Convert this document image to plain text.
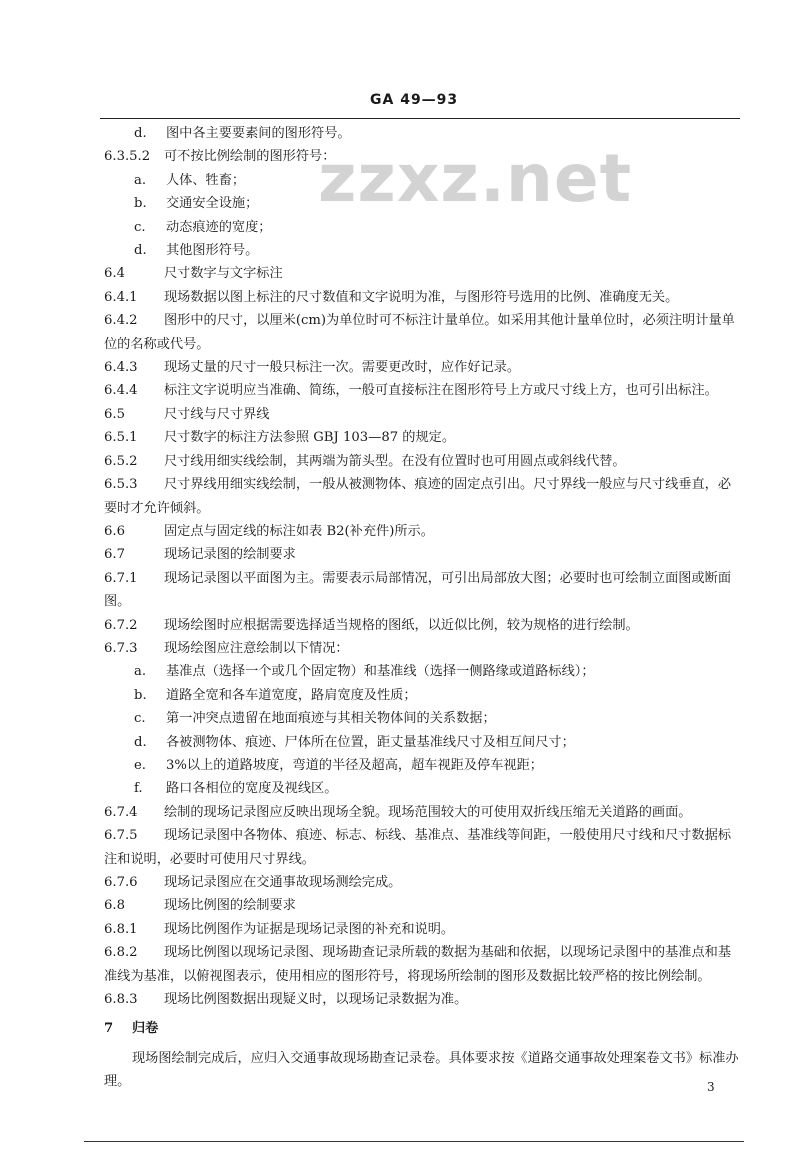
GA 49—93
zzxz.net
d. 图中各主要要素间的图形符号。
6.3.5.2 可不按比例绘制的图形符号：
a. 人体、牲畜；
b. 交通安全设施；
c. 动态痕迹的宽度；
d. 其他图形符号。
6.4	尺寸数字与文字标注
6.4.1 现场数据以图上标注的尺寸数值和文字说明为准，与图形符号选用的比例、准确度无关。
6.4.2 图形中的尺寸，以厘米(cm)为单位时可不标注计量单位。如采用其他计量单位时，必须注明计量单位的名称或代号。
6.4.3 现场丈量的尺寸一般只标注一次。需要更改时，应作好记录。
6.4.4 标注文字说明应当准确、简练，一般可直接标注在图形符号上方或尺寸线上方，也可引出标注。
6.5	尺寸线与尺寸界线
6.5.1 尺寸数字的标注方法参照 GBJ 103—87 的规定。
6.5.2 尺寸线用细实线绘制，其两端为箭头型。在没有位置时也可用圆点或斜线代替。
6.5.3 尺寸界线用细实线绘制，一般从被测物体、痕迹的固定点引出。尺寸界线一般应与尺寸线垂直，必要时才允许倾斜。
6.6	固定点与固定线的标注如表 B2(补充件)所示。
6.7	现场记录图的绘制要求
6.7.1 现场记录图以平面图为主。需要表示局部情况，可引出局部放大图；必要时也可绘制立面图或断面图。
6.7.2 现场绘图时应根据需要选择适当规格的图纸，以近似比例，较为规格的进行绘制。
6.7.3 现场绘图应注意绘制以下情况：
a. 基准点（选择一个或几个固定物）和基准线（选择一侧路缘或道路标线）；
b. 道路全宽和各车道宽度，路肩宽度及性质；
c. 第一冲突点遗留在地面痕迹与其相关物体间的关系数据；
d. 各被测物体、痕迹、尸体所在位置，距丈量基准线尺寸及相互间尺寸；
e. 3%以上的道路坡度，弯道的半径及超高，超车视距及停车视距；
f. 路口各相位的宽度及视线区。
6.7.4 绘制的现场记录图应反映出现场全貌。现场范围较大的可使用双折线压缩无关道路的画面。
6.7.5 现场记录图中各物体、痕迹、标志、标线、基准点、基准线等间距，一般使用尺寸线和尺寸数据标注和说明，必要时可使用尺寸界线。
6.7.6 现场记录图应在交通事故现场测绘完成。
6.8	现场比例图的绘制要求
6.8.1 现场比例图作为证据是现场记录图的补充和说明。
6.8.2 现场比例图以现场记录图、现场勘查记录所载的数据为基础和依据，以现场记录图中的基准点和基准线为基准，以俯视图表示，使用相应的图形符号，将现场所绘制的图形及数据比较严格的按比例绘制。
6.8.3 现场比例图数据出现疑义时，以现场记录数据为准。
7 归卷
现场图绘制完成后，应归入交通事故现场勘查记录卷。具体要求按《道路交通事故处理案卷文书》标准办理。	3
